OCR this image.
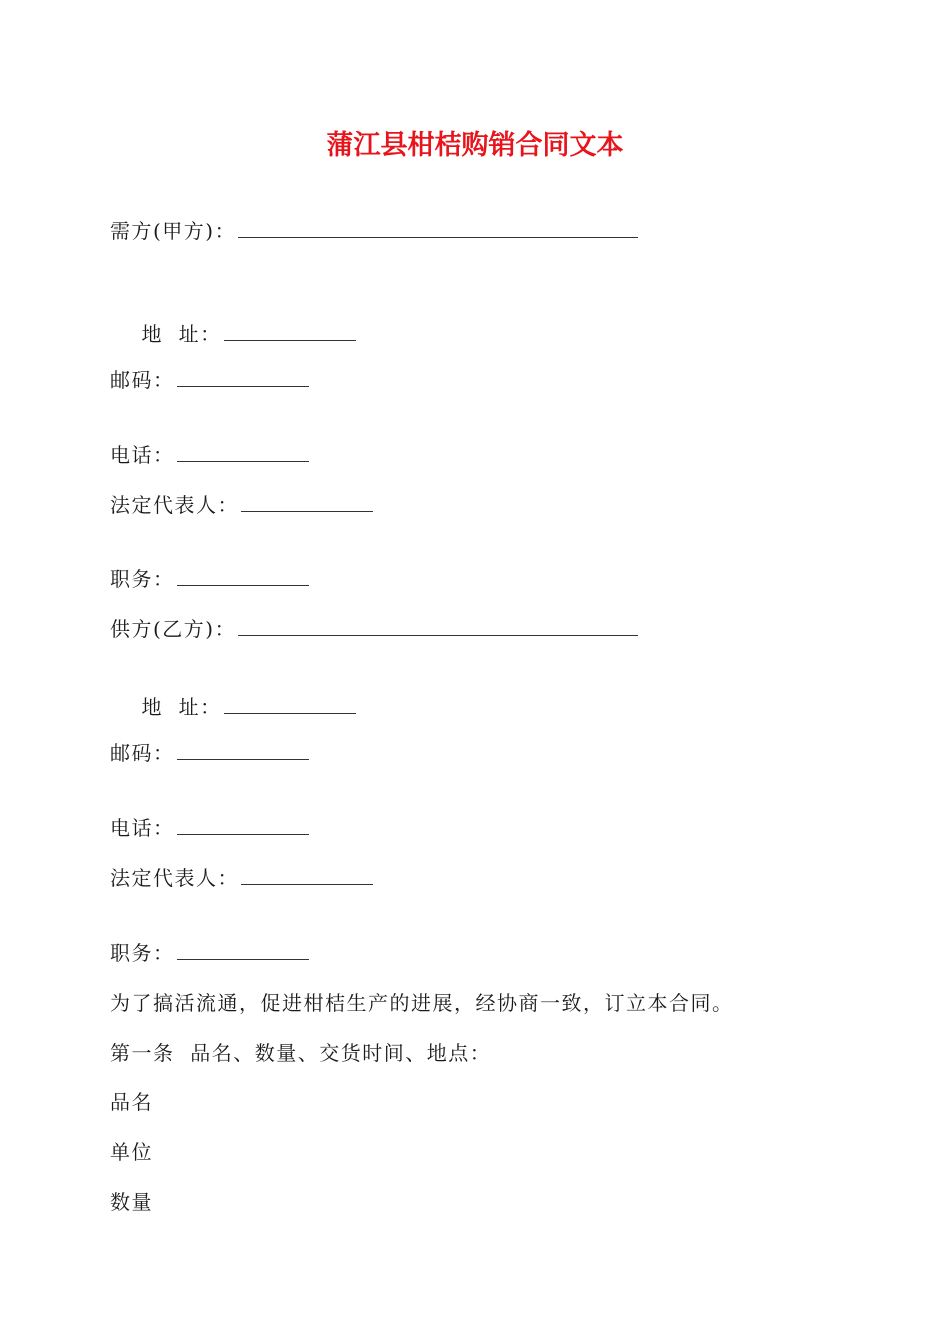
蒲江县柑桔购销合同文本
需方(甲方)：

地  址：

邮码：
电话：
法定代表人：
职务：
供方(乙方)：

地  址：

邮码：
电话：
法定代表人：
职务：
为了搞活流通，促进柑桔生产的进展，经协商一致，订立本合同。
第一条  品名、数量、交货时间、地点：
品名
单位
数量
